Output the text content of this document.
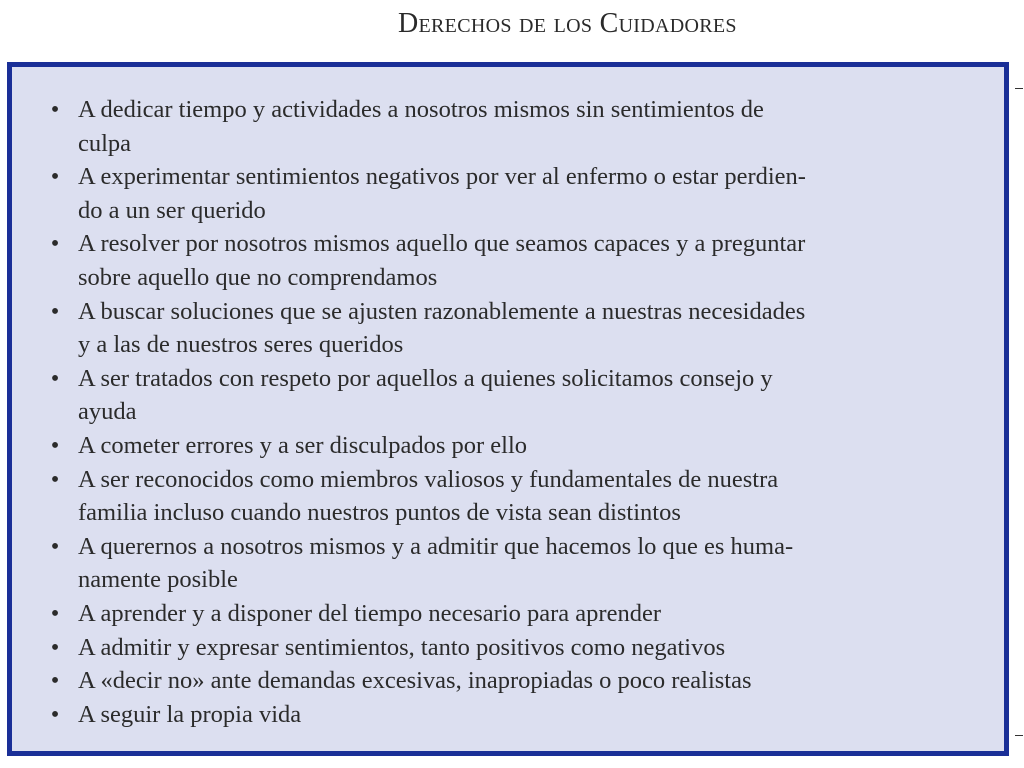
Derechos de los Cuidadores
• A dedicar tiempo y actividades a nosotros mismos sin sentimientos de
culpa
• A experimentar sentimientos negativos por ver al enfermo o estar perdien-
do a un ser querido
• A resolver por nosotros mismos aquello que seamos capaces y a preguntar
sobre aquello que no comprendamos
• A buscar soluciones que se ajusten razonablemente a nuestras necesidades
y a las de nuestros seres queridos
• A ser tratados con respeto por aquellos a quienes solicitamos consejo y
ayuda
• A cometer errores y a ser disculpados por ello
• A ser reconocidos como miembros valiosos y fundamentales de nuestra
familia incluso cuando nuestros puntos de vista sean distintos
• A querernos a nosotros mismos y a admitir que hacemos lo que es huma-
namente posible
• A aprender y a disponer del tiempo necesario para aprender
• A admitir y expresar sentimientos, tanto positivos como negativos
• A «decir no» ante demandas excesivas, inapropiadas o poco realistas
• A seguir la propia vida
